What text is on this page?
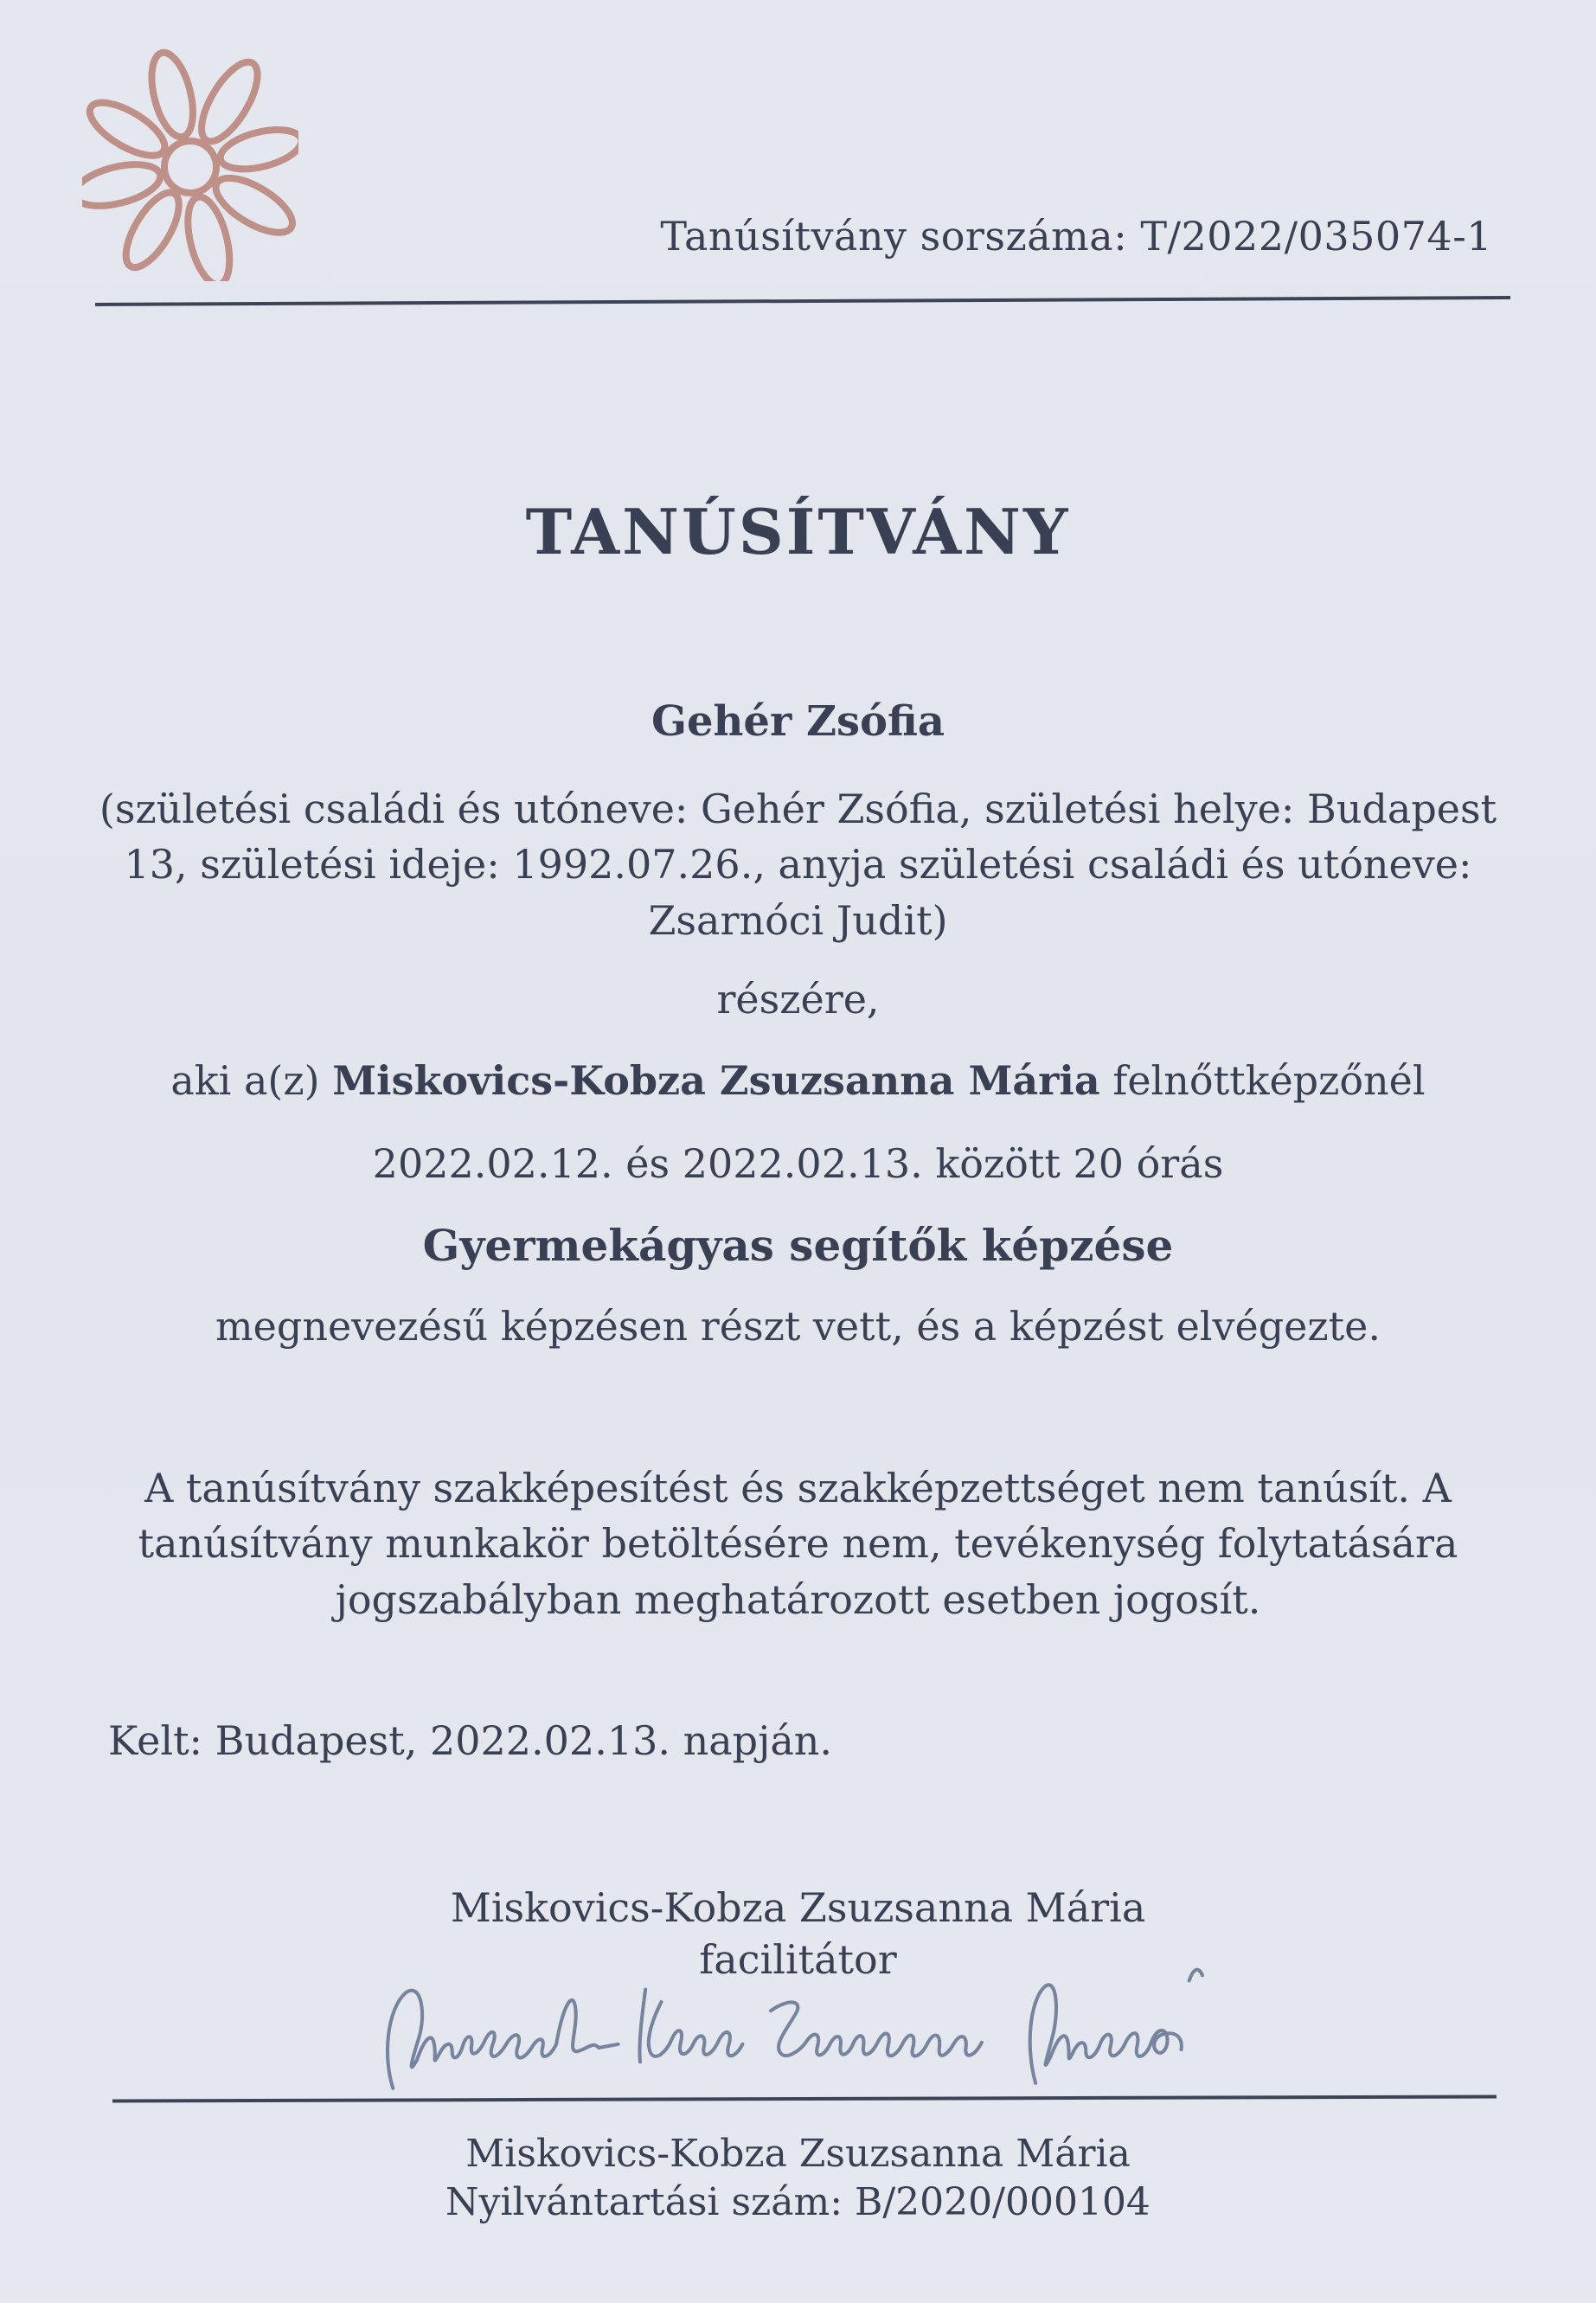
Tanúsítvány sorszáma: T/2022/035074-1
TANÚSÍTVÁNY
Gehér Zsófia
(születési családi és utóneve: Gehér Zsófia, születési helye: Budapest 13, születési ideje: 1992.07.26., anyja születési családi és utóneve: Zsarnóci Judit)
részére,
aki a(z) Miskovics-Kobza Zsuzsanna Mária felnőttképzőnél
2022.02.12. és 2022.02.13. között 20 órás
Gyermekágyas segítők képzése
megnevezésű képzésen részt vett, és a képzést elvégezte.
A tanúsítvány szakképesítést és szakképzettséget nem tanúsít. A tanúsítvány munkakör betöltésére nem, tevékenység folytatására jogszabályban meghatározott esetben jogosít.
Kelt: Budapest, 2022.02.13. napján.
Miskovics-Kobza Zsuzsanna Mária
facilitátor
Miskovics-Kobza Zsuzsanna Mária
Nyilvántartási szám: B/2020/000104
